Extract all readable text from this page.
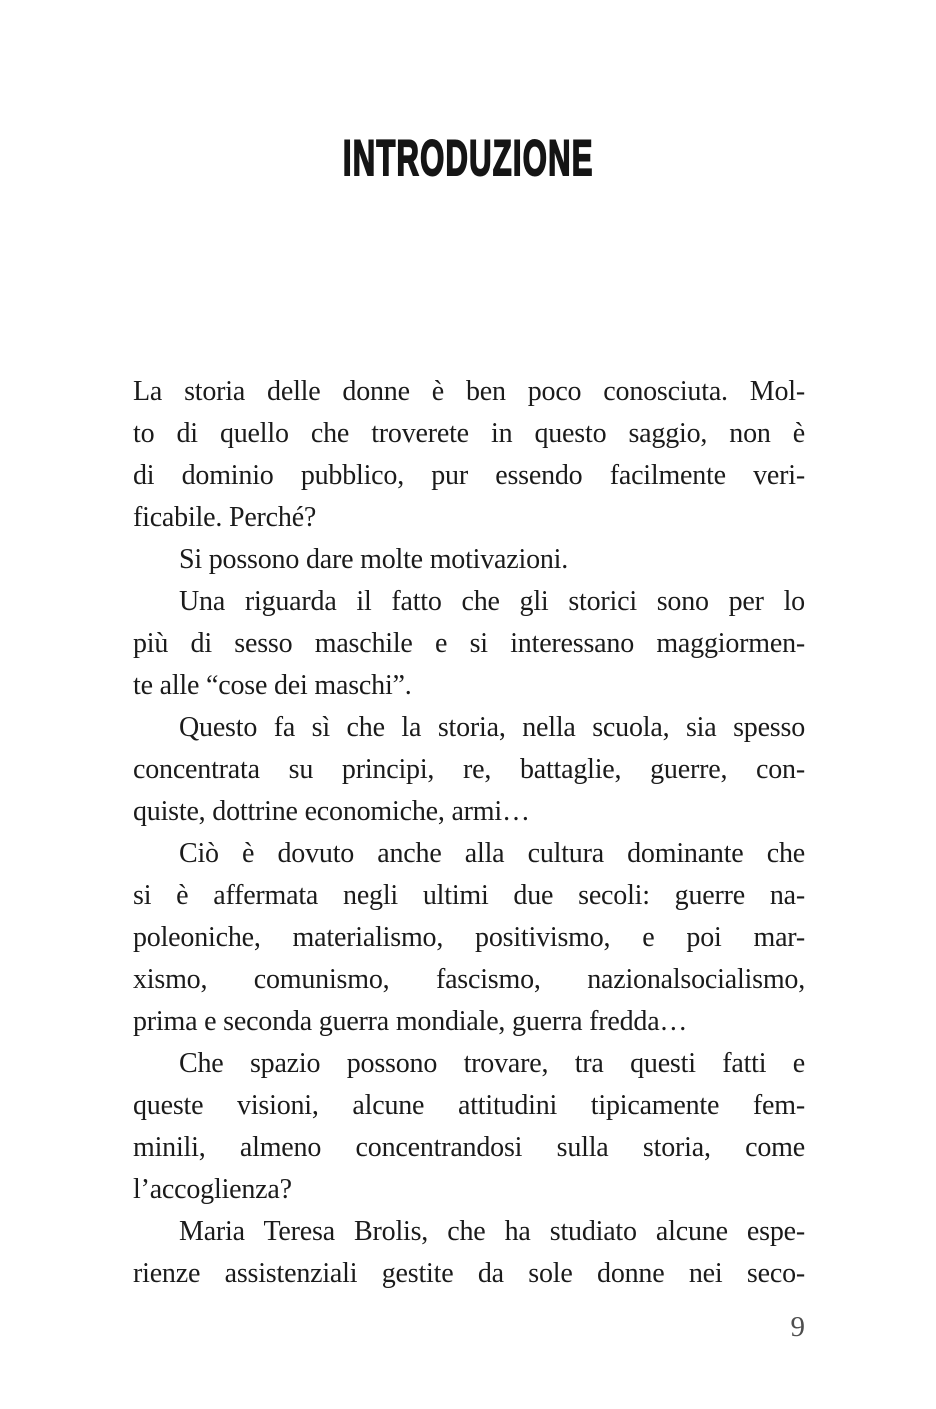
INTRODUZIONE
La storia delle donne è ben poco conosciuta. Mol-
to di quello che troverete in questo saggio, non è
di dominio pubblico, pur essendo facilmente veri-
ficabile. Perché?
Si possono dare molte motivazioni.
Una riguarda il fatto che gli storici sono per lo
più di sesso maschile e si interessano maggiormen-
te alle “cose dei maschi”.
Questo fa sì che la storia, nella scuola, sia spesso
concentrata su principi, re, battaglie, guerre, con-
quiste, dottrine economiche, armi…
Ciò è dovuto anche alla cultura dominante che
si è affermata negli ultimi due secoli: guerre na-
poleoniche, materialismo, positivismo, e poi mar-
xismo, comunismo, fascismo, nazionalsocialismo,
prima e seconda guerra mondiale, guerra fredda…
Che spazio possono trovare, tra questi fatti e
queste visioni, alcune attitudini tipicamente fem-
minili, almeno concentrandosi sulla storia, come
l’accoglienza?
Maria Teresa Brolis, che ha studiato alcune espe-
rienze assistenziali gestite da sole donne nei seco-
9
